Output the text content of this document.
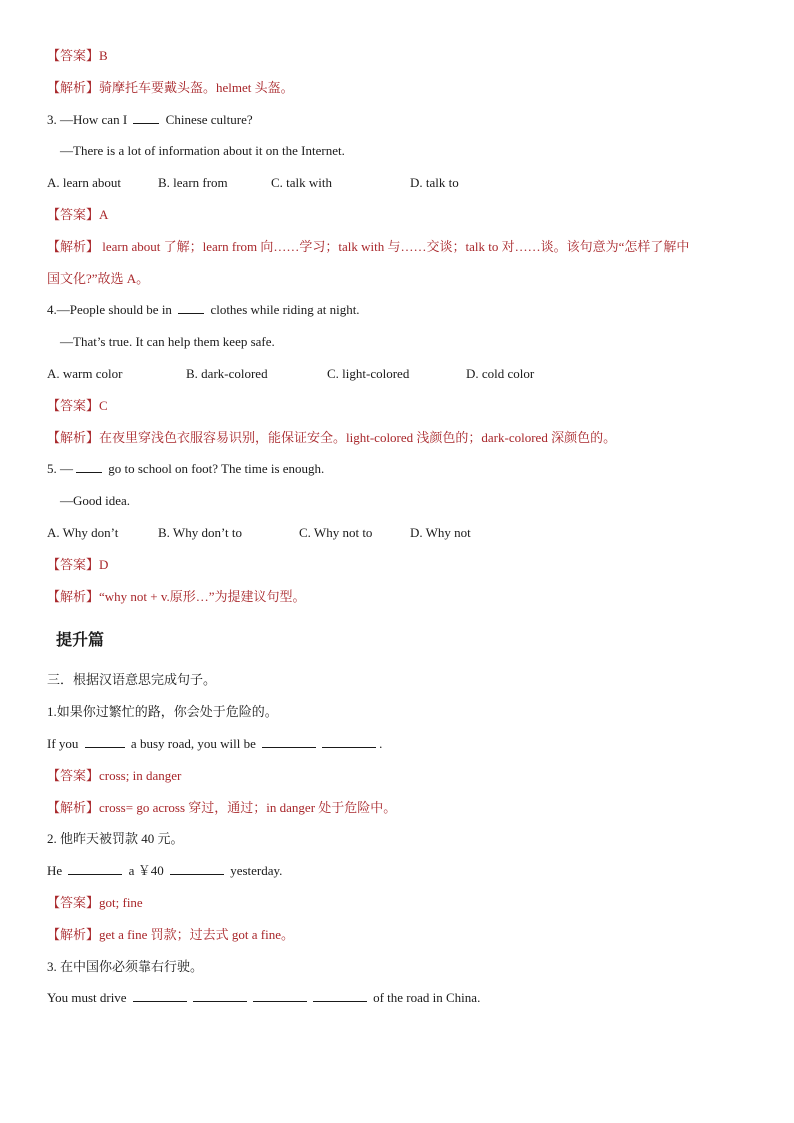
【答案】B
【解析】骑摩托车要戴头盔。helmet 头盔。
3. —How can I  Chinese culture?
—There is a lot of information about it on the Internet.
A. learn about	B. learn from	C. talk with	D. talk to
【答案】A
【解析】 learn about 了解；learn from 向……学习；talk with 与……交谈；talk to 对……谈。该句意为“怎样了解中
国文化?”故选 A。
4.—People should be in  clothes while riding at night.
—That’s true. It can help them keep safe.
A. warm color	B. dark-colored	C. light-colored	D. cold color
【答案】C
【解析】在夜里穿浅色衣服容易识别，能保证安全。light-colored 浅颜色的；dark-colored 深颜色的。
5. — go to school on foot? The time is enough.
—Good idea.
A. Why don’t	B. Why don’t to	C. Why not to	D. Why not
【答案】D
【解析】“why not + v.原形…”为提建议句型。
提升篇
三．根据汉语意思完成句子。
1.如果你过繁忙的路，你会处于危险的。
If you	a busy road, you will be	.
【答案】cross; in danger
【解析】cross= go across 穿过，通过；in danger 处于危险中。
2. 他昨天被罚款 40 元。
He	a ￥40	yesterday.
【答案】got; fine
【解析】get a fine 罚款；过去式 got a fine。
3. 在中国你必须靠右行驶。
You must drive	of the road in China.
